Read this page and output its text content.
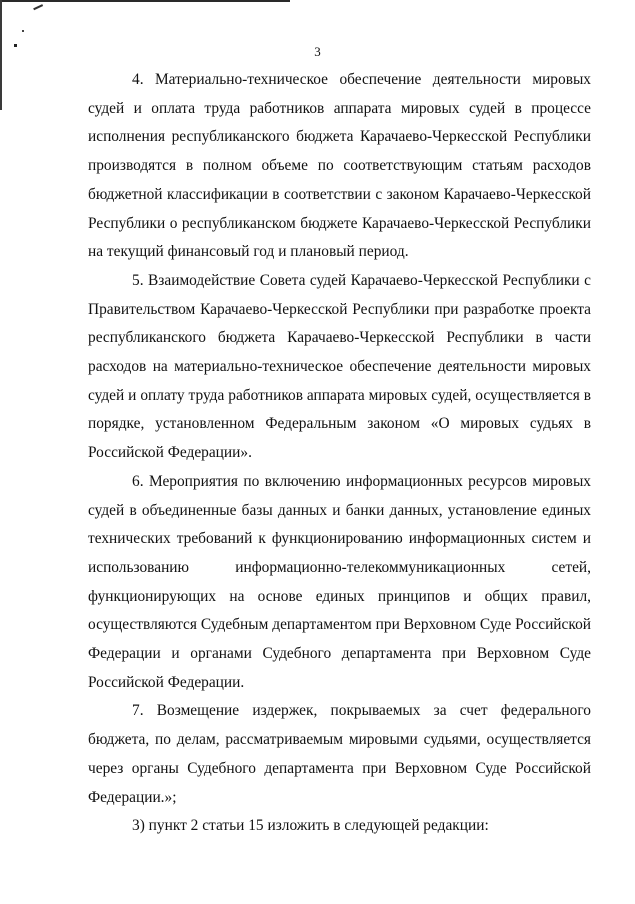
3

4. Материально-техническое обеспечение деятельности мировых судей и оплата труда работников аппарата мировых судей в процессе исполнения республиканского бюджета Карачаево-Черкесской Республики производятся в полном объеме по соответствующим статьям расходов бюджетной классификации в соответствии с законом Карачаево-Черкесской Республики о республиканском бюджете Карачаево-Черкесской Республики на текущий финансовый год и плановый период.

5. Взаимодействие Совета судей Карачаево-Черкесской Республики с Правительством Карачаево-Черкесской Республики при разработке проекта республиканского бюджета Карачаево-Черкесской Республики в части расходов на материально-техническое обеспечение деятельности мировых судей и оплату труда работников аппарата мировых судей, осуществляется в порядке, установленном Федеральным законом «О мировых судьях в Российской Федерации».

6. Мероприятия по включению информационных ресурсов мировых судей в объединенные базы данных и банки данных, установление единых технических требований к функционированию информационных систем и использованию информационно-телекоммуникационных сетей, функционирующих на основе единых принципов и общих правил, осуществляются Судебным департаментом при Верховном Суде Российской Федерации и органами Судебного департамента при Верховном Суде Российской Федерации.

7. Возмещение издержек, покрываемых за счет федерального бюджета, по делам, рассматриваемым мировыми судьями, осуществляется через органы Судебного департамента при Верховном Суде Российской Федерации.»;

3) пункт 2 статьи 15 изложить в следующей редакции:
